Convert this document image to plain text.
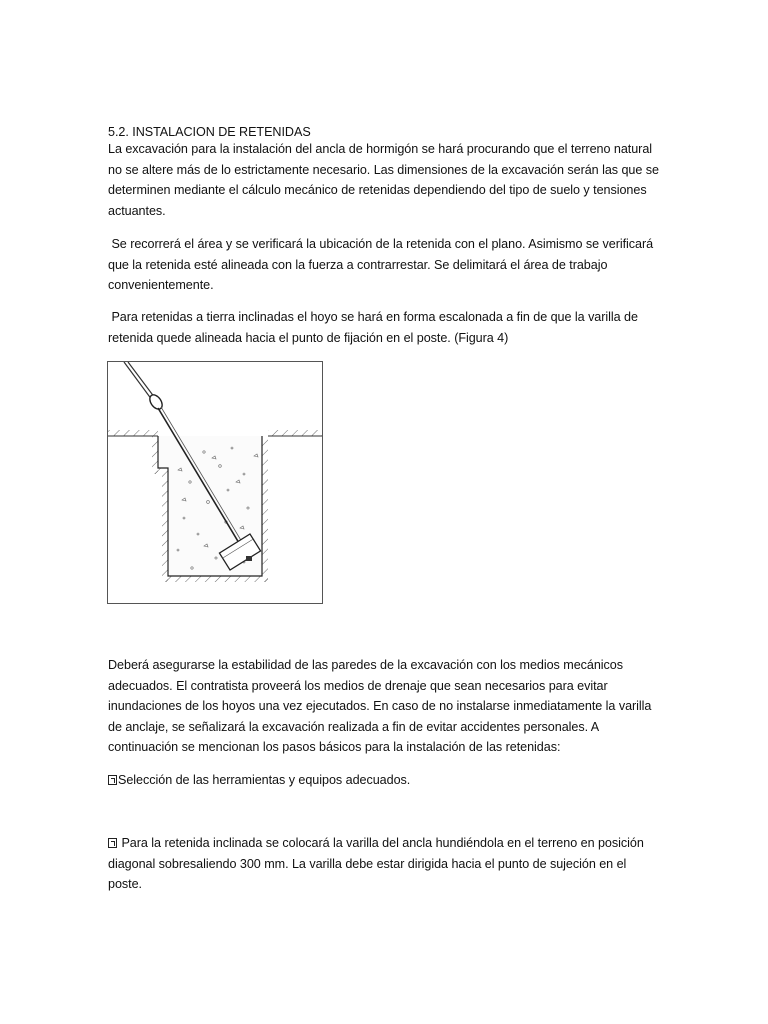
5.2. INSTALACION DE RETENIDAS
La excavación para la instalación del ancla de hormigón se hará procurando que el terreno natural no se altere más de lo estrictamente necesario. Las dimensiones de la excavación serán las que se determinen mediante el cálculo mecánico de retenidas dependiendo del tipo de suelo y tensiones actuantes.
Se recorrerá el área y se verificará la ubicación de la retenida con el plano. Asimismo se verificará que la retenida esté alineada con la fuerza a contrarrestar. Se delimitará el área de trabajo convenientemente.
Para retenidas a tierra inclinadas el hoyo se hará en forma escalonada a fin de que la varilla de retenida quede alineada hacia el punto de fijación en el poste. (Figura 4)
Deberá asegurarse la estabilidad de las paredes de la excavación con los medios mecánicos adecuados. El contratista proveerá los medios de drenaje que sean necesarios para evitar inundaciones de los hoyos una vez ejecutados. En caso de no instalarse inmediatamente la varilla de anclaje, se señalizará la excavación realizada a fin de evitar accidentes personales. A continuación se mencionan los pasos básicos para la instalación de las retenidas:
Selección de las herramientas y equipos adecuados.
Para la retenida inclinada se colocará la varilla del ancla hundiéndola en el terreno en posición diagonal sobresaliendo 300 mm. La varilla debe estar dirigida hacia el punto de sujeción en el poste.
